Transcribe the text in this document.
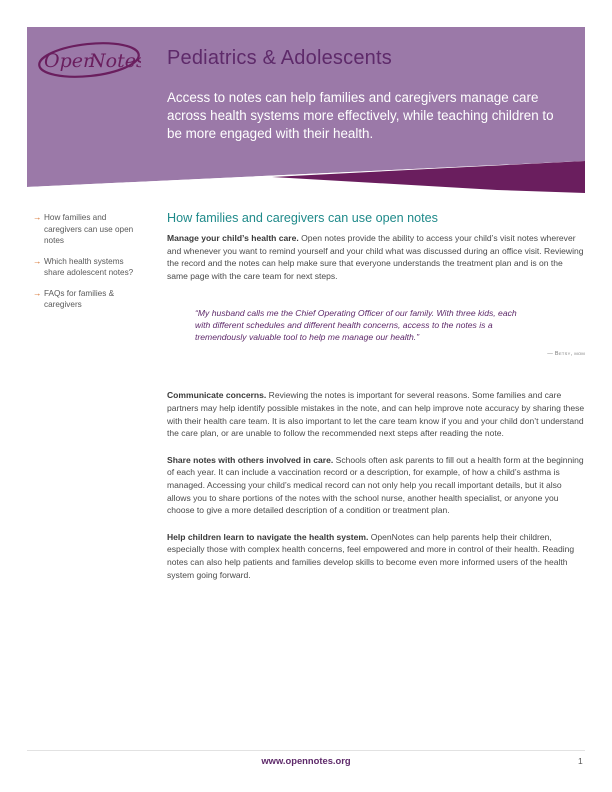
Open
Notes Pediatrics & Adolescents
Access to notes can help families and caregivers manage care across health systems more effectively, while teaching children to be more engaged with their health.
→ How families and caregivers can use open notes
→ Which health systems share adolescent notes?
→ FAQs for families & caregivers
How families and caregivers can use open notes

Manage your child’s health care. Open notes provide the ability to access your child’s visit notes wherever and whenever you want to remind yourself and your child what was discussed during an office visit. Reviewing the record and the notes can help make sure that everyone understands the treatment plan and is on the same page with the care team for next steps.

“My husband calls me the Chief Operating Officer of our family. With three kids, each with different schedules and different health concerns, access to the notes is a tremendously valuable tool to help me manage our health.”
— Betsy, mom

Communicate concerns. Reviewing the notes is important for several reasons. Some families and care partners may help identify possible mistakes in the note, and can help improve note accuracy by sharing these with their health care team. It is also important to let the care team know if you and your child don’t understand the care plan, or are unable to follow the recommended next steps after reading the note.

Share notes with others involved in care. Schools often ask parents to fill out a health form at the beginning of each year. It can include a vaccination record or a description, for example, of how a child’s asthma is managed. Accessing your child’s medical record can not only help you recall important details, but it also allows you to share portions of the notes with the school nurse, another health specialist, or anyone you choose to give a more detailed description of a condition or treatment plan.

Help children learn to navigate the health system. OpenNotes can help parents help their children, especially those with complex health concerns, feel empowered and more in control of their health. Reading notes can also help patients and families develop skills to become even more informed users of the health system going forward.

www.opennotes.org	1
